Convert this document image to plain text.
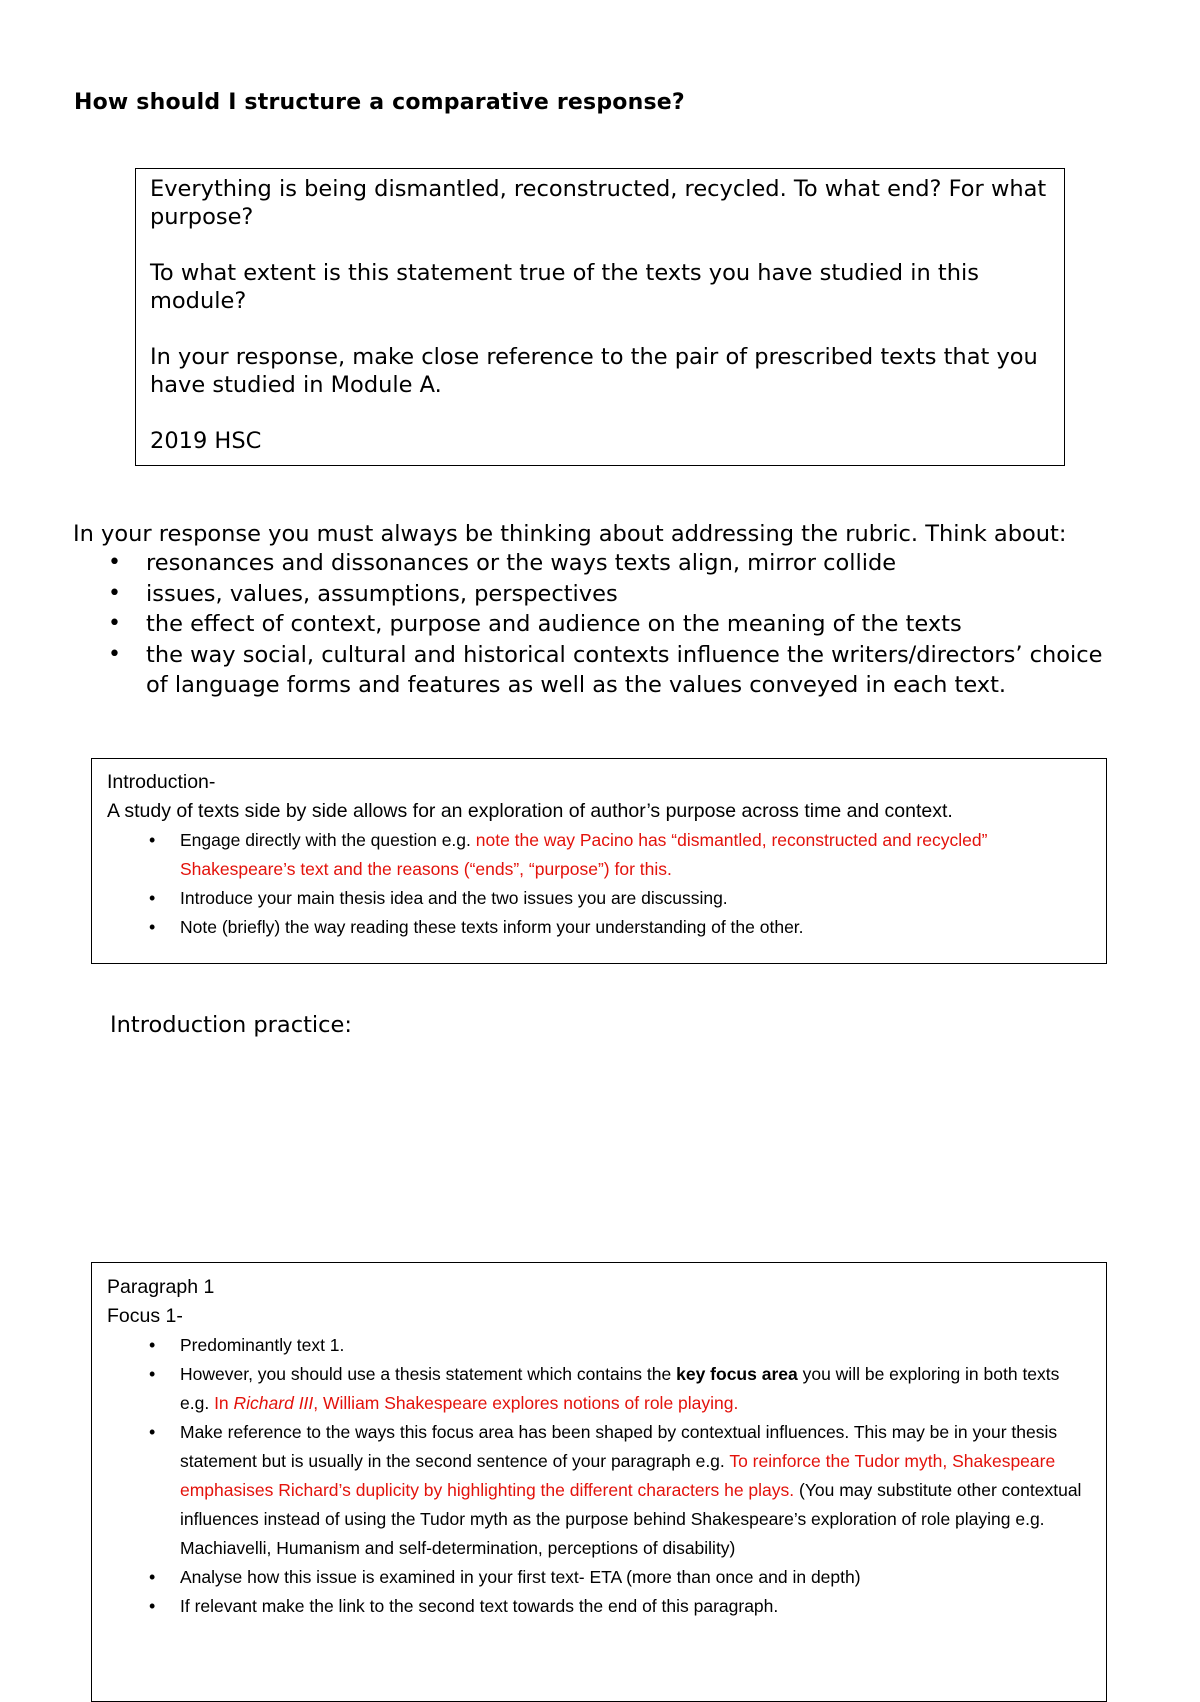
How should I structure a comparative response?

Everything is being dismantled, reconstructed, recycled. To what end? For what purpose?

To what extent is this statement true of the texts you have studied in this module?

In your response, make close reference to the pair of prescribed texts that you have studied in Module A.

2019 HSC

In your response you must always be thinking about addressing the rubric. Think about:

• resonances and dissonances or the ways texts align, mirror collide
• issues, values, assumptions, perspectives
• the effect of context, purpose and audience on the meaning of the texts
• the way social, cultural and historical contexts influence the writers/directors’ choice of language forms and features as well as the values conveyed in each text.

Introduction-

A study of texts side by side allows for an exploration of author’s purpose across time and context.

• Engage directly with the question e.g. note the way Pacino has “dismantled, reconstructed and recycled” Shakespeare’s text and the reasons (“ends”, “purpose”) for this.
• Introduce your main thesis idea and the two issues you are discussing.
• Note (briefly) the way reading these texts inform your understanding of the other.
Introduction practice:

Paragraph 1

Focus 1-

• Predominantly text 1.
• However, you should use a thesis statement which contains the key focus area you will be exploring in both texts e.g. In Richard III, William Shakespeare explores notions of role playing.
• Make reference to the ways this focus area has been shaped by contextual influences. This may be in your thesis statement but is usually in the second sentence of your paragraph e.g. To reinforce the Tudor myth, Shakespeare emphasises Richard’s duplicity by highlighting the different characters he plays. (You may substitute other contextual influences instead of using the Tudor myth as the purpose behind Shakespeare’s exploration of role playing e.g. Machiavelli, Humanism and self-determination, perceptions of disability)
• Analyse how this issue is examined in your first text- ETA (more than once and in depth)
• If relevant make the link to the second text towards the end of this paragraph.
